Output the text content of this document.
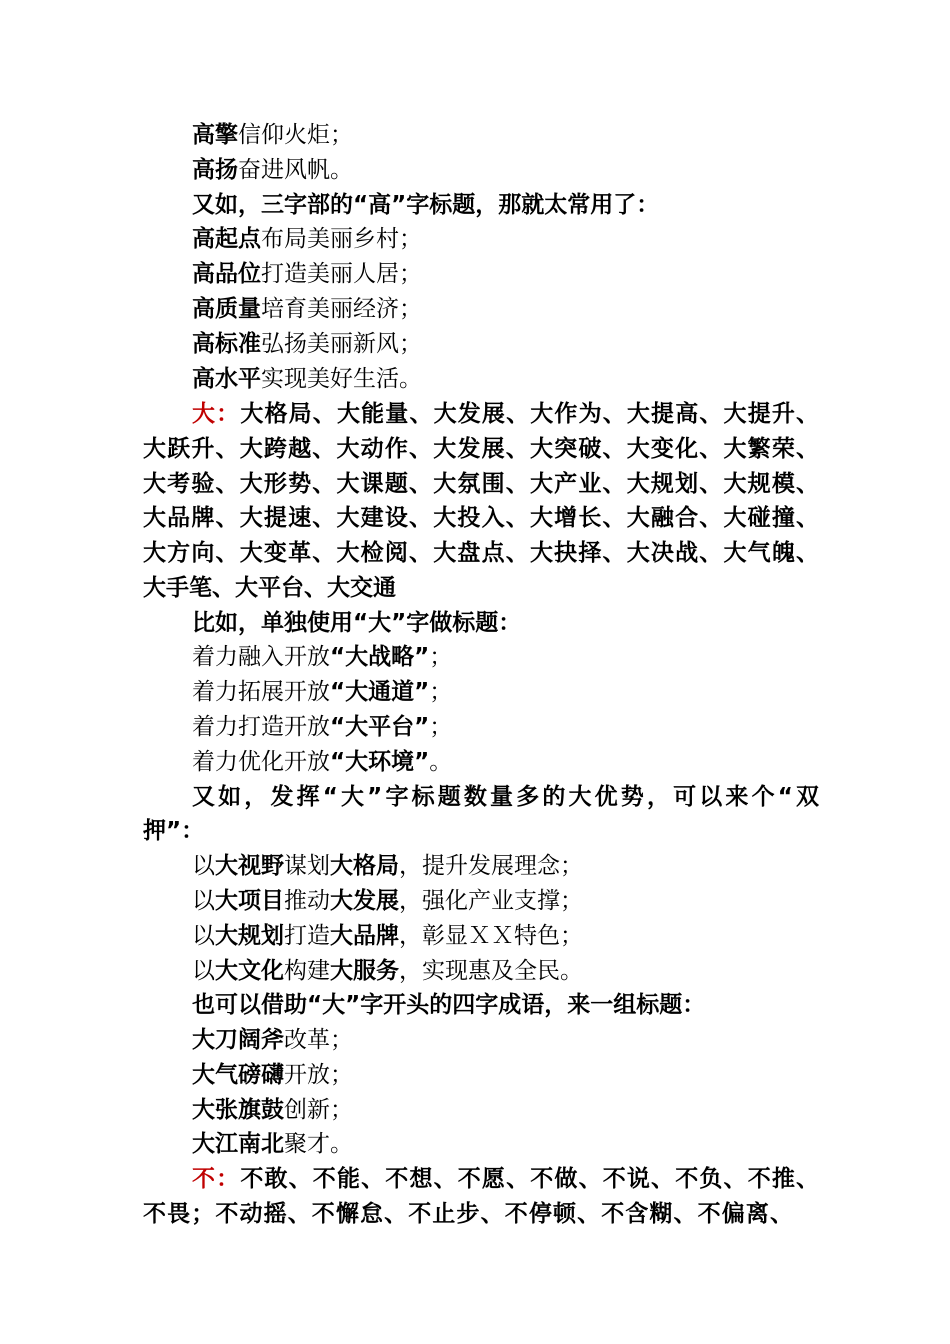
高擎信仰火炬；
高扬奋进风帆。
又如，三字部的“高”字标题，那就太常用了：
高起点布局美丽乡村；
高品位打造美丽人居；
高质量培育美丽经济；
高标准弘扬美丽新风；
高水平实现美好生活。
大：大格局、大能量、大发展、大作为、大提高、大提升、
大跃升、大跨越、大动作、大发展、大突破、大变化、大繁荣、
大考验、大形势、大课题、大氛围、大产业、大规划、大规模、
大品牌、大提速、大建设、大投入、大增长、大融合、大碰撞、
大方向、大变革、大检阅、大盘点、大抉择、大决战、大气魄、
大手笔、大平台、大交通
比如，单独使用“大”字做标题：
着力融入开放“大战略”；
着力拓展开放“大通道”；
着力打造开放“大平台”；
着力优化开放“大环境”。
又如，发挥“大”字标题数量多的大优势，可以来个“双
押”：
以大视野谋划大格局，提升发展理念；
以大项目推动大发展，强化产业支撑；
以大规划打造大品牌，彰显ＸＸ特色；
以大文化构建大服务，实现惠及全民。
也可以借助“大”字开头的四字成语，来一组标题：
大刀阔斧改革；
大气磅礴开放；
大张旗鼓创新；
大江南北聚才。
不：不敢、不能、不想、不愿、不做、不说、不负、不推、
不畏；不动摇、不懈怠、不止步、不停顿、不含糊、不偏离、
